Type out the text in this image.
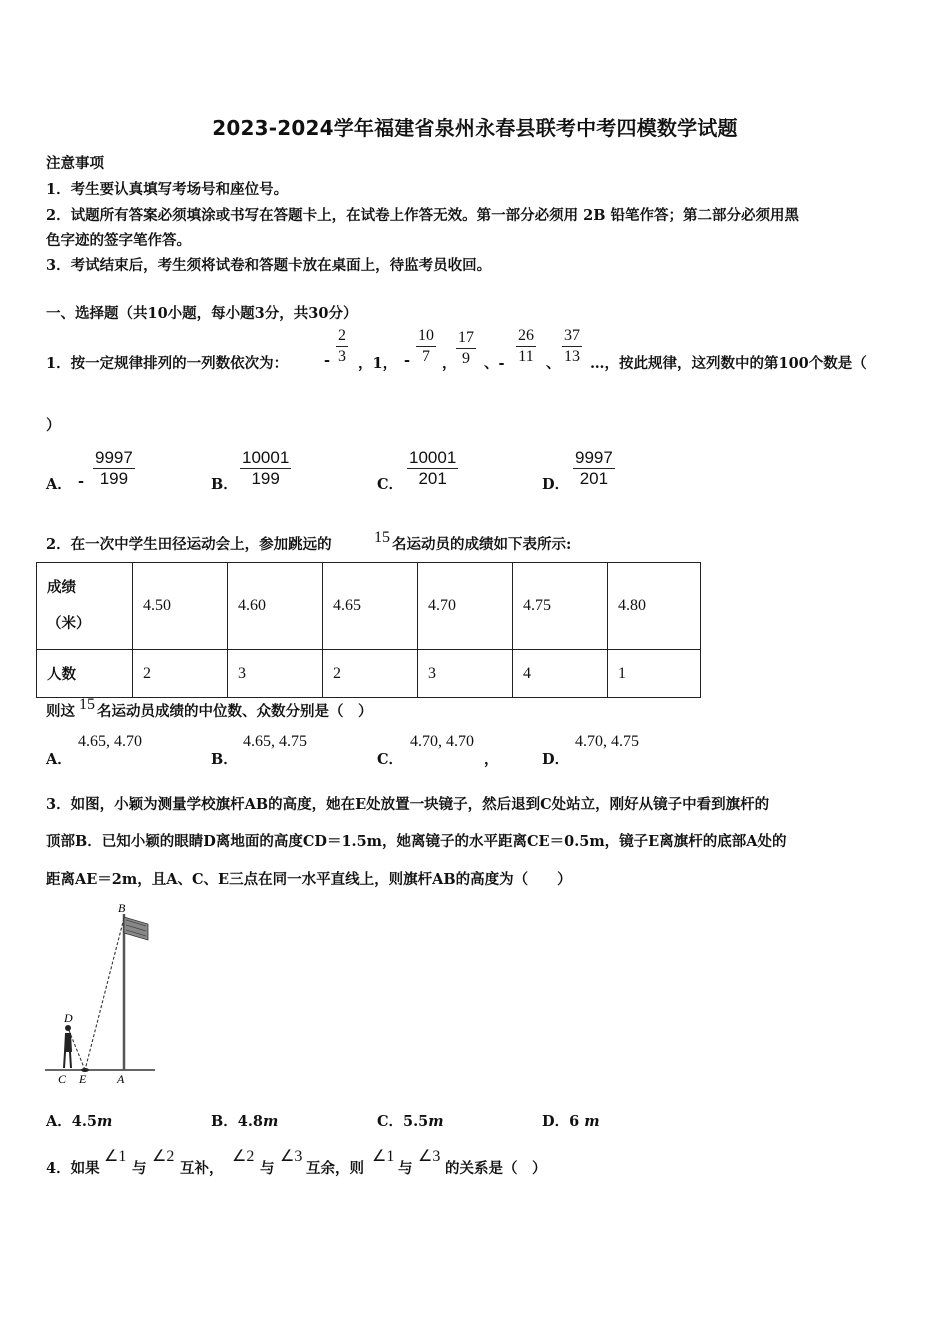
2023-2024学年福建省泉州永春县联考中考四模数学试题
注意事项
1．考生要认真填写考场号和座位号。
2．试题所有答案必须填涂或书写在答题卡上，在试卷上作答无效。第一部分必须用 2B 铅笔作答；第二部分必须用黑
色字迹的签字笔作答。
3．考试结束后，考生须将试卷和答题卡放在桌面上，待监考员收回。
一、选择题（共10小题，每小题3分，共30分）
1．按一定规律排列的一列数依次为： - $\frac{2}{3}$ ，1， - $\frac{10}{7}$ ， $\frac{17}{9}$ 、- $\frac{26}{11}$ 、 $\frac{37}{13}$ …，按此规律，这列数中的第100个数是（
）
A． - $\frac{9997}{199}$	B． $\frac{10001}{199}$	C． $\frac{10001}{201}$	D． $\frac{9997}{201}$
2．在一次中学生田径运动会上，参加跳远的	15 名运动员的成绩如下表所示:
成绩
（米）	4.50	4.60	4.65	4.70	4.75	4.80
人数	2	3	2	3	4	1
则这 15 名运动员成绩的中位数、众数分别是（　）
A．
4.65, 4.70
B．
4.65, 4.75
C．
4.70, 4.70
，	D．
4.70, 4.75
3．如图，小颖为测量学校旗杆AB的高度，她在E处放置一块镜子，然后退到C处站立，刚好从镜子中看到旗杆的
顶部B．已知小颖的眼睛D离地面的高度CD＝1.5m，她离镜子的水平距离CE＝0.5m，镜子E离旗杆的底部A处的
距离AE＝2m，且A、C、E三点在同一水平直线上，则旗杆AB的高度为（　　）
B
D
C E	A
A．4.5m	B．4.8m	C．5.5m	D．6 m
4．如果
∠1
与
∠2
互补，
∠2
与
∠3
互余，则
∠1
与
∠3
的关系是（　）
